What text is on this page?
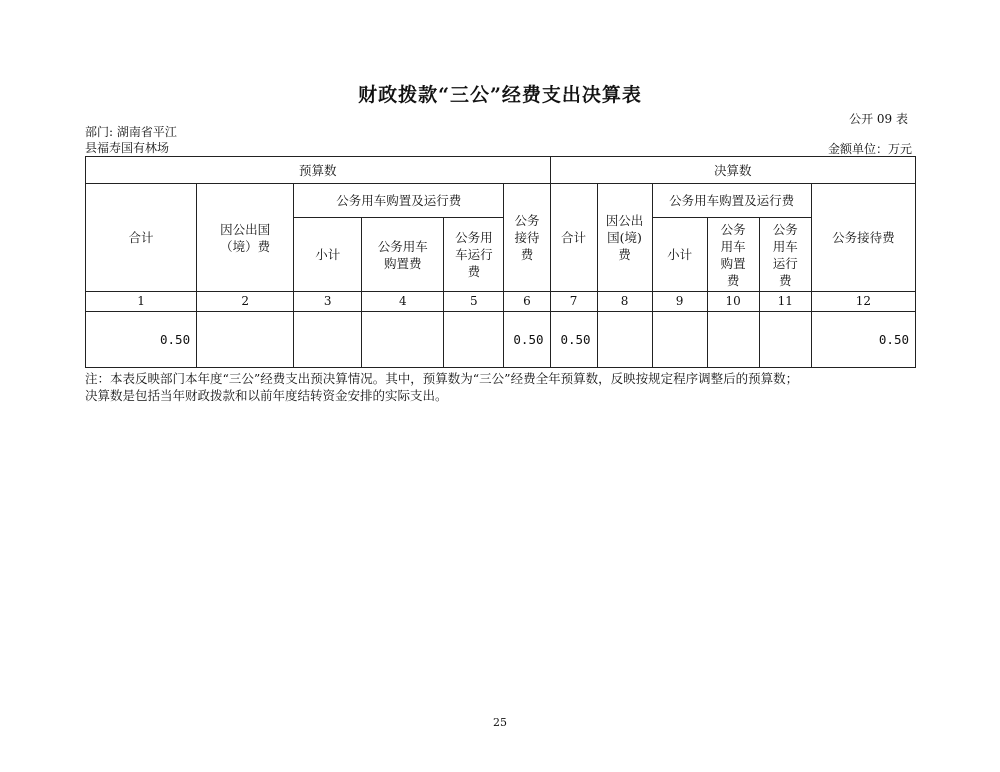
财政拨款“三公”经费支出决算表
公开 09 表
部门: 湖南省平江
县福寿国有林场	金额单位：万元
预算数						决算数					
合计	因公出国（境）费	公务用车购置及运行费			公务接待费	合计	因公出国(境)费	公务用车购置及运行费			公务接待费
		小计	公务用车购置费	公务用车运行费				小计	公务用车购置费	公务用车运行费	

1	2	3	4	5	6	7	8	9	10	11	12
0.50					0.50	0.50					0.50
注：本表反映部门本年度“三公”经费支出预决算情况。其中，预算数为“三公”经费全年预算数，反映按规定程序调整后的预算数；
决算数是包括当年财政拨款和以前年度结转资金安排的实际支出。
25
